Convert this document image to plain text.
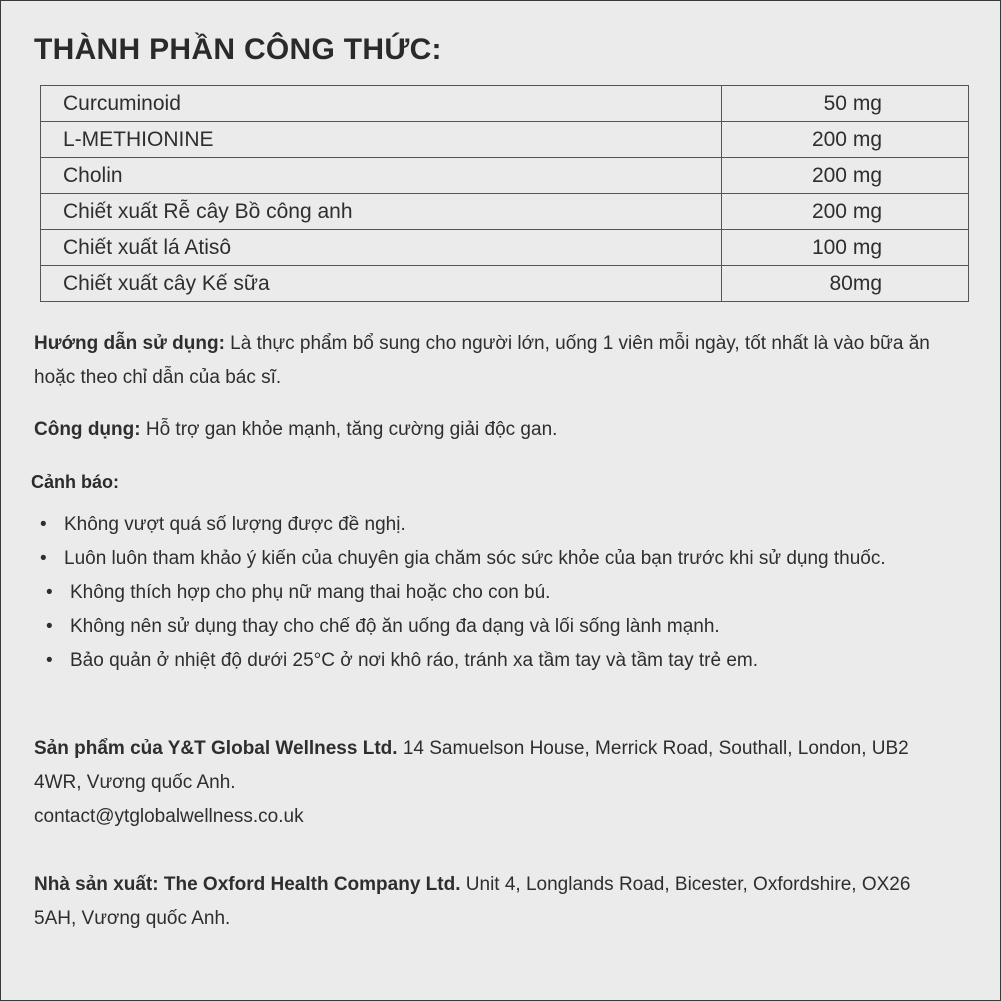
THÀNH PHẦN CÔNG THỨC:
Curcuminoid	50 mg
L-METHIONINE	200 mg
Cholin	200 mg
Chiết xuất Rễ cây Bồ công anh	200 mg
Chiết xuất lá Atisô	100 mg
Chiết xuất cây Kế sữa	80mg
Hướng dẫn sử dụng: Là thực phẩm bổ sung cho người lớn, uống 1 viên mỗi ngày, tốt nhất là vào bữa ăn hoặc theo chỉ dẫn của bác sĩ.
Công dụng: Hỗ trợ gan khỏe mạnh, tăng cường giải độc gan.
Cảnh báo:
• Không vượt quá số lượng được đề nghị.
• Luôn luôn tham khảo ý kiến của chuyên gia chăm sóc sức khỏe của bạn trước khi sử dụng thuốc.
• Không thích hợp cho phụ nữ mang thai hoặc cho con bú.
• Không nên sử dụng thay cho chế độ ăn uống đa dạng và lối sống lành mạnh.
• Bảo quản ở nhiệt độ dưới 25°C ở nơi khô ráo, tránh xa tầm tay và tầm tay trẻ em.
Sản phẩm của Y&T Global Wellness Ltd. 14 Samuelson House, Merrick Road, Southall, London, UB2 4WR, Vương quốc Anh.
contact@ytglobalwellness.co.uk
Nhà sản xuất: The Oxford Health Company Ltd. Unit 4, Longlands Road, Bicester, Oxfordshire, OX26 5AH, Vương quốc Anh.
